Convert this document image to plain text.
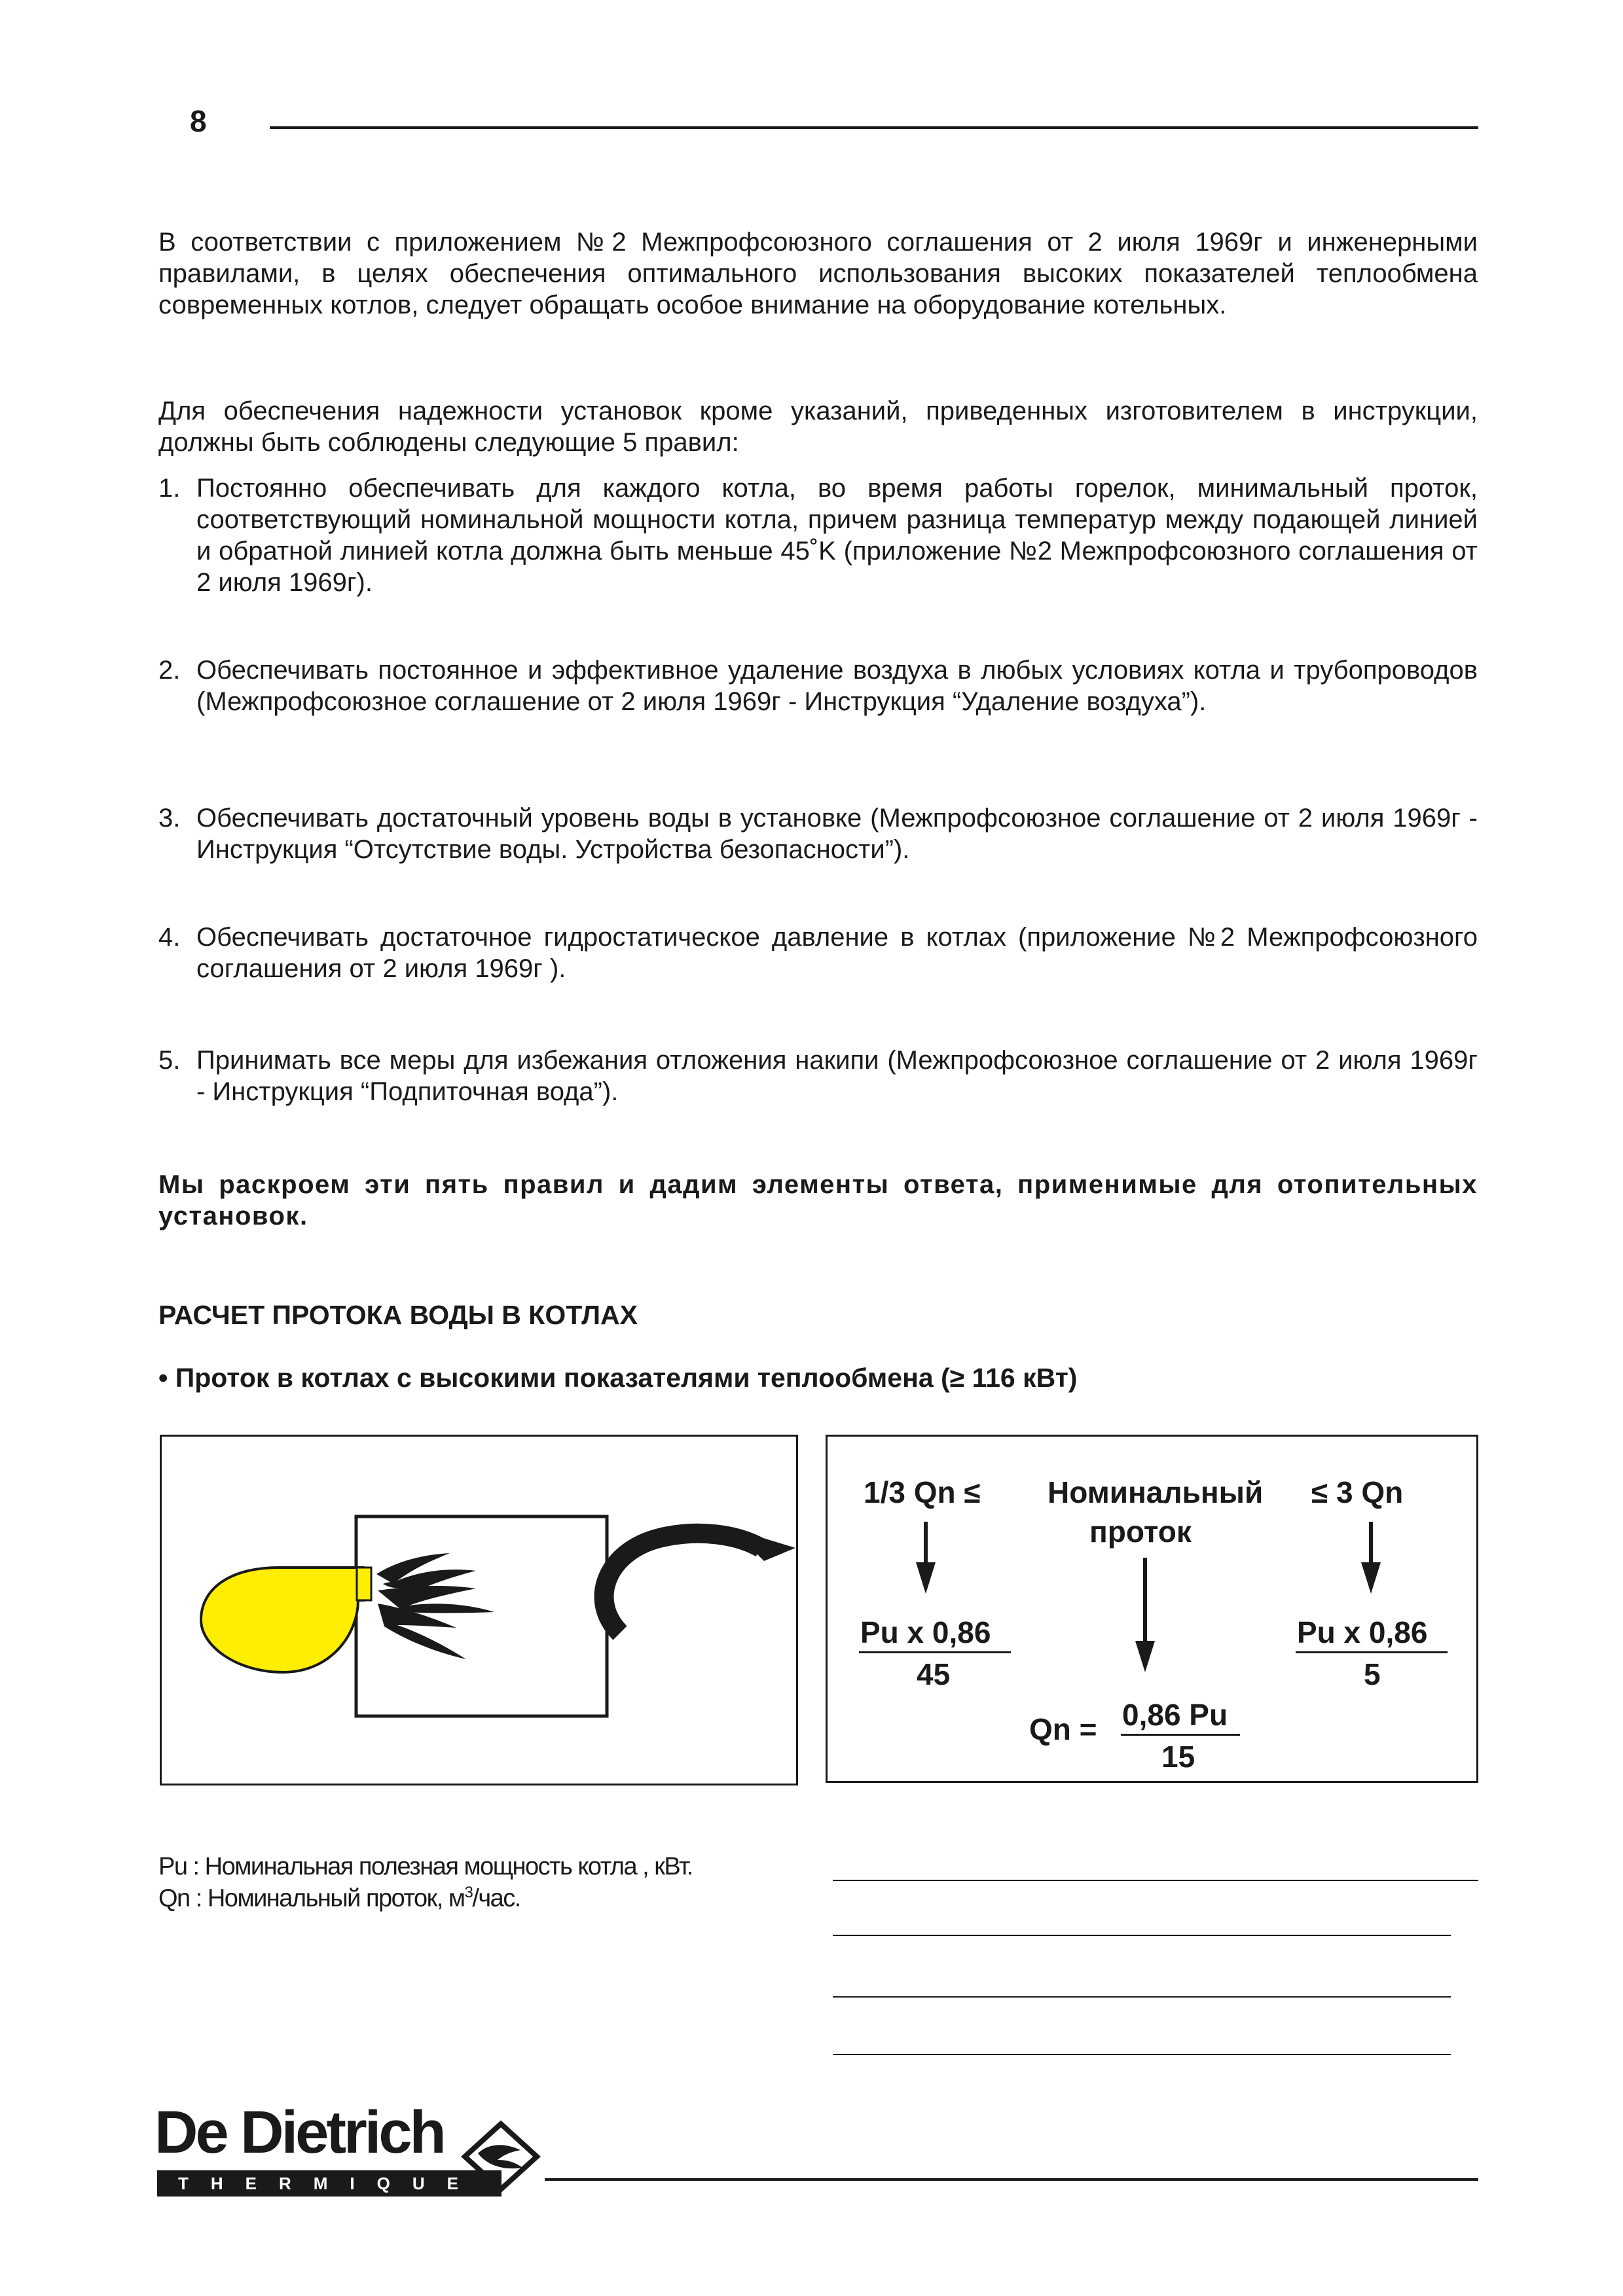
8
В соответствии с приложением №2 Межпрофсоюзного соглашения от 2 июля 1969г и инженерными правилами, в целях обеспечения оптимального использования высоких показателей теплообмена современных котлов, следует обращать особое внимание на оборудование котельных.
Для обеспечения надежности установок кроме указаний, приведенных изготовителем в инструкции, должны быть соблюдены следующие 5 правил:
1. Постоянно обеспечивать для каждого котла, во время работы горелок, минимальный проток, соответствующий номинальной мощности котла, причем разница температур между подающей линией и обратной линией котла должна быть меньше 45˚K (приложение №2 Межпрофсоюзного соглашения от 2 июля 1969г).
2. Обеспечивать постоянное и эффективное удаление воздуха в любых условиях котла и трубопроводов (Межпрофсоюзное соглашение от 2 июля 1969г - Инструкция “Удаление воздуха”).
3. Обеспечивать достаточный уровень воды в установке (Межпрофсоюзное соглашение от 2 июля 1969г - Инструкция “Отсутствие воды. Устройства безопасности”).
4. Обеспечивать достаточное гидростатическое давление в котлах (приложение №2 Межпрофсоюзного соглашения от 2 июля 1969г ).
5. Принимать все меры для избежания отложения накипи (Межпрофсоюзное соглашение от 2 июля 1969г - Инструкция “Подпиточная вода”).
Мы раскроем эти пять правил и дадим элементы ответа, применимые для отопительных установок.
РАСЧЕТ ПРОТОКА ВОДЫ В КОТЛАХ
• Проток в котлах с высокими показателями теплообмена (≥ 116 кВт)
1/3 Qn ≤ Номинальный
проток
≤ 3 Qn
Pu x 0,86
45
Pu x 0,86
5
Qn = 0,86 Pu
15
Pu : Номинальная полезная мощность котла , кВт.
Qn : Номинальный проток, $м^3$/час.
De Dietrich
THERMIQUE
